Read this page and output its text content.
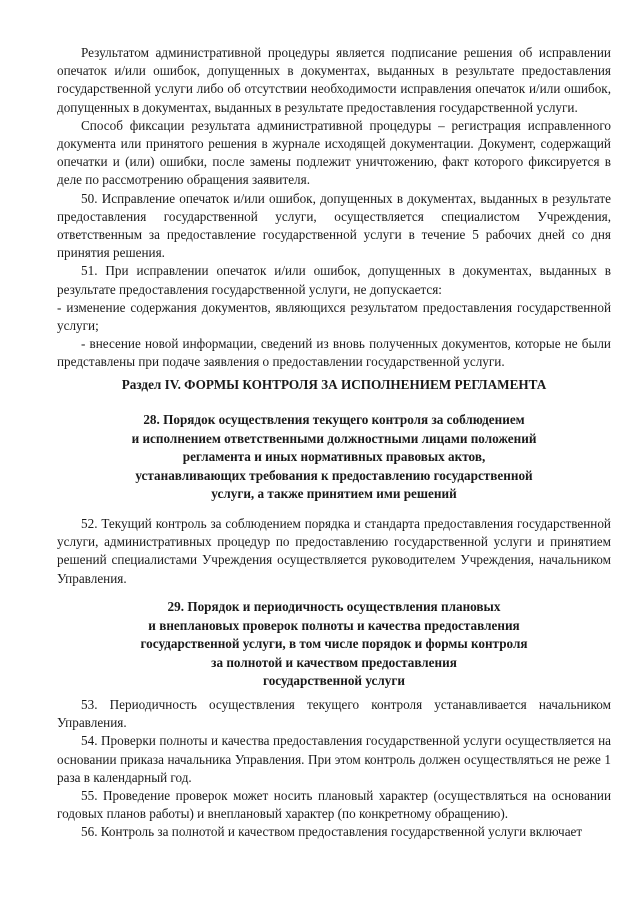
Результатом административной процедуры является подписание решения об исправлении опечаток и/или ошибок, допущенных в документах, выданных в результате предоставления государственной услуги либо об отсутствии необходимости исправления опечаток и/или ошибок, допущенных в документах, выданных в результате предоставления государственной услуги.

Способ фиксации результата административной процедуры – регистрация исправленного документа или принятого решения в журнале исходящей документации. Документ, содержащий опечатки и (или) ошибки, после замены подлежит уничтожению, факт которого фиксируется в деле по рассмотрению обращения заявителя.

50. Исправление опечаток и/или ошибок, допущенных в документах, выданных в результате предоставления государственной услуги, осуществляется специалистом Учреждения, ответственным за предоставление государственной услуги в течение 5 рабочих дней со дня принятия решения.

51. При исправлении опечаток и/или ошибок, допущенных в документах, выданных в результате предоставления государственной услуги, не допускается:

- изменение содержания документов, являющихся результатом предоставления государственной услуги;

- внесение новой информации, сведений из вновь полученных документов, которые не были представлены при подаче заявления о предоставлении государственной услуги.

Раздел IV. ФОРМЫ КОНТРОЛЯ ЗА ИСПОЛНЕНИЕМ РЕГЛАМЕНТА
28. Порядок осуществления текущего контроля за соблюдением
и исполнением ответственными должностными лицами положений
регламента и иных нормативных правовых актов,
устанавливающих требования к предоставлению государственной
услуги, а также принятием ими решений

52. Текущий контроль за соблюдением порядка и стандарта предоставления государственной услуги, административных процедур по предоставлению государственной услуги и принятием решений специалистами Учреждения осуществляется руководителем Учреждения, начальником Управления.

29. Порядок и периодичность осуществления плановых
и внеплановых проверок полноты и качества предоставления
государственной услуги, в том числе порядок и формы контроля
за полнотой и качеством предоставления
государственной услуги

53. Периодичность осуществления текущего контроля устанавливается начальником Управления.

54. Проверки полноты и качества предоставления государственной услуги осуществляется на основании приказа начальника Управления. При этом контроль должен осуществляться не реже 1 раза в календарный год.

55. Проведение проверок может носить плановый характер (осуществляться на основании годовых планов работы) и внеплановый характер (по конкретному обращению).

56. Контроль за полнотой и качеством предоставления государственной услуги включает
